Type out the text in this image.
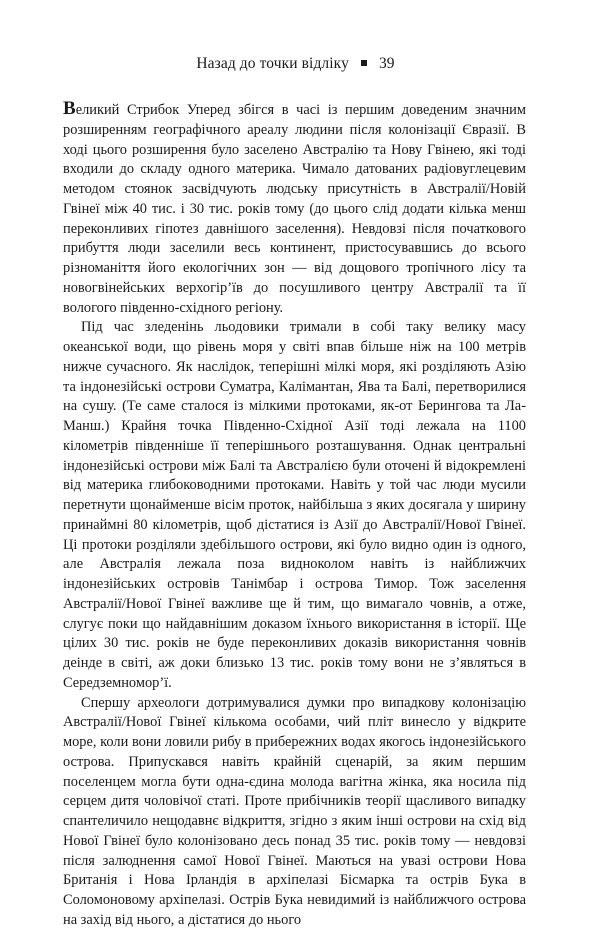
Назад до точки відліку 39

Великий Стрибок Уперед збігся в часі із першим доведеним значним розширенням географічного ареалу людини після колонізації Євразії. В ході цього розширення було заселено Австралію та Нову Гвінею, які тоді входили до складу одного материка. Чимало датованих радіовуглецевим методом стоянок засвідчують людську присутність в Австралії/Новій Гвінеї між 40 тис. і 30 тис. років тому (до цього слід додати кілька менш переконливих гіпотез давнішого заселення). Невдовзі після початкового прибуття люди заселили весь континент, пристосувавшись до всього різноманіття його екологічних зон — від дощового тропічного лісу та новогвінейських верхогір’їв до посушливого центру Австралії та її вологого південно-східного регіону.

Під час зледенінь льодовики тримали в собі таку велику масу океанської води, що рівень моря у світі впав більше ніж на 100 метрів нижче сучасного. Як наслідок, теперішні мілкі моря, які розділяють Азію та індонезійські острови Суматра, Калімантан, Ява та Балі, перетворилися на сушу. (Те саме сталося із мілкими протоками, як-от Берингова та Ла-Манш.) Крайня точка Південно-Східної Азії тоді лежала на 1100 кілометрів південніше її теперішнього розташування. Однак центральні індонезійські острови між Балі та Австралією були оточені й відокремлені від материка глибоководними протоками. Навіть у той час люди мусили перетнути щонайменше вісім проток, найбільша з яких досягала у ширину принаймні 80 кілометрів, щоб дістатися із Азії до Австралії/Нової Гвінеї. Ці протоки розділяли здебільшого острови, які було видно один із одного, але Австралія лежала поза видноколом навіть із найближчих індонезійських островів Танімбар і острова Тимор. Тож заселення Австралії/Нової Гвінеї важливе ще й тим, що вимагало човнів, а отже, слугує поки що найдавнішим доказом їхнього використання в історії. Ще цілих 30 тис. років не буде переконливих доказів використання човнів деінде в світі, аж доки близько 13 тис. років тому вони не з’являться в Середземномор’ї.

Спершу археологи дотримувалися думки про випадкову колонізацію Австралії/Нової Гвінеї кількома особами, чий пліт винесло у відкрите море, коли вони ловили рибу в прибережних водах якогось індонезійського острова. Припускався навіть крайній сценарій, за яким першим поселенцем могла бути одна-єдина молода вагітна жінка, яка носила під серцем дитя чоловічої статі. Проте прибічників теорії щасливого випадку спантеличило нещодавнє відкриття, згідно з яким інші острови на схід від Нової Гвінеї було колонізовано десь понад 35 тис. років тому — невдовзі після залюднення самої Нової Гвінеї. Маються на увазі острови Нова Британія і Нова Ірландія в архіпелазі Бісмарка та острів Бука в Соломоновому архіпелазі. Острів Бука невидимий із найближчого острова на захід від нього, а дістатися до нього
